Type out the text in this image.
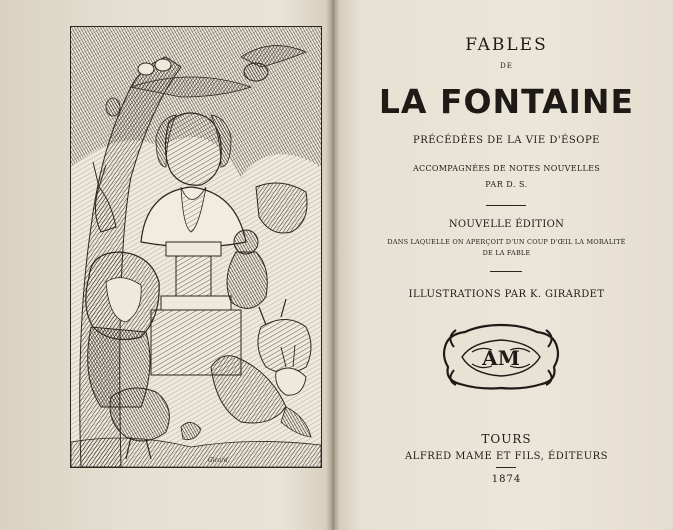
Girard.
FABLES
DE
LA FONTAINE
PRÉCÉDÉES DE LA VIE D'ÉSOPE
ACCOMPAGNÉES DE NOTES NOUVELLES
PAR D. S.
NOUVELLE ÉDITION
DANS LAQUELLE ON APERÇOIT D'UN COUP D'ŒIL LA MORALITÉ
DE LA FABLE
ILLUSTRATIONS PAR K. GIRARDET
AM
TOURS
ALFRED MAME ET FILS, ÉDITEURS
1874
